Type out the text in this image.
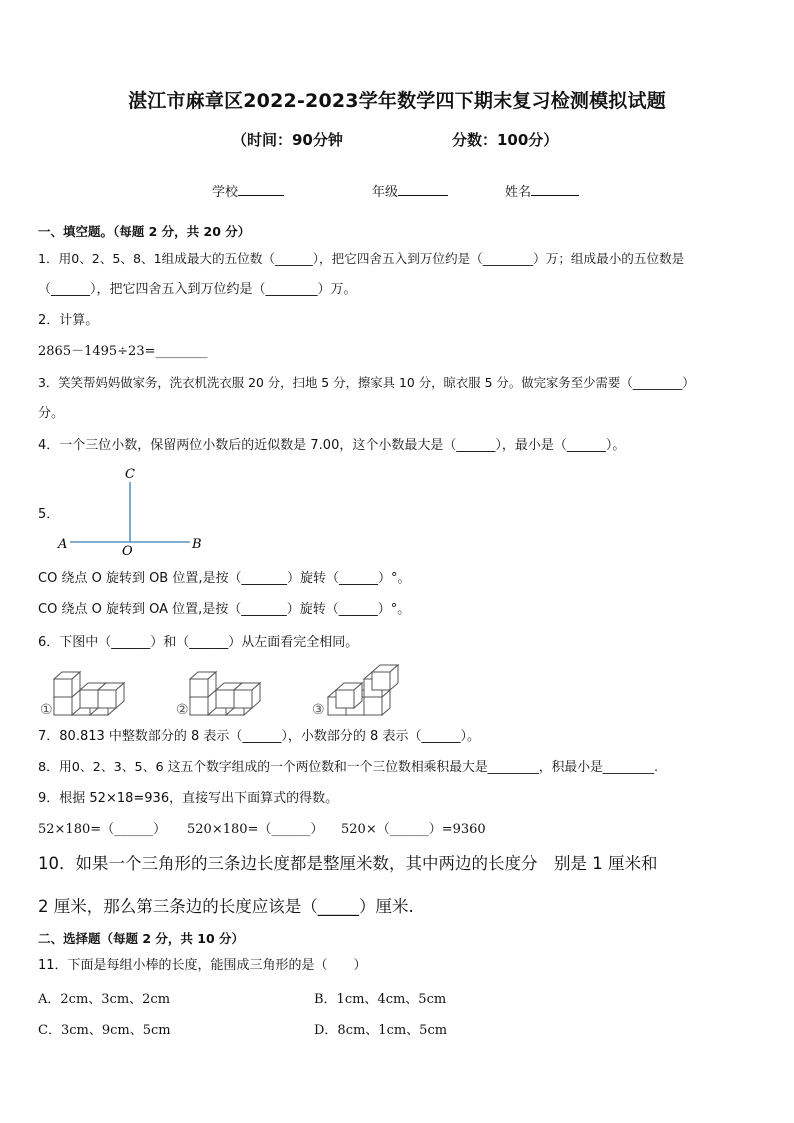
湛江市麻章区2022-2023学年数学四下期末复习检测模拟试题
（时间：90分钟	分数：100分）
学校	年级	姓名
一、填空题。（每题 2 分，共 20 分）
1．用0、2、5、8、1组成最大的五位数（______），把它四舍五入到万位约是（________）万；组成最小的五位数是
（______），把它四舍五入到万位约是（________）万。
2．计算。
2865－1495÷23=________
3．笑笑帮妈妈做家务，洗衣机洗衣服 20 分，扫地 5 分，擦家具 10 分，晾衣服 5 分。做完家务至少需要（________）
分。
4．一个三位小数，保留两位小数后的近似数是 7.00，这个小数最大是（______），最小是（______）。
5．
C
A	O	B
CO 绕点 O 旋转到 OB 位置,是按（_______）旋转（______）°。
CO 绕点 O 旋转到 OA 位置,是按（_______）旋转（______）°。
6．下图中（______）和（______）从左面看完全相同。
①	②	③
7．80.813 中整数部分的 8 表示（______），小数部分的 8 表示（______）。
8．用0、2、3、5、6 这五个数字组成的一个两位数和一个三位数相乘积最大是________，积最小是________.
9．根据 52×18=936，直接写出下面算式的得数。
52×180=（______） 520×180=（______） 520×（______）=9360
10．如果一个三角形的三条边长度都是整厘米数，其中两边的长度分　别是 1 厘米和
2 厘米，那么第三条边的长度应该是（_____）厘米.
二、选择题（每题 2 分，共 10 分）
11．下面是每组小棒的长度，能围成三角形的是（　　）
A．2cm、3cm、2cm	B．1cm、4cm、5cm
C．3cm、9cm、5cm	D．8cm、1cm、5cm
